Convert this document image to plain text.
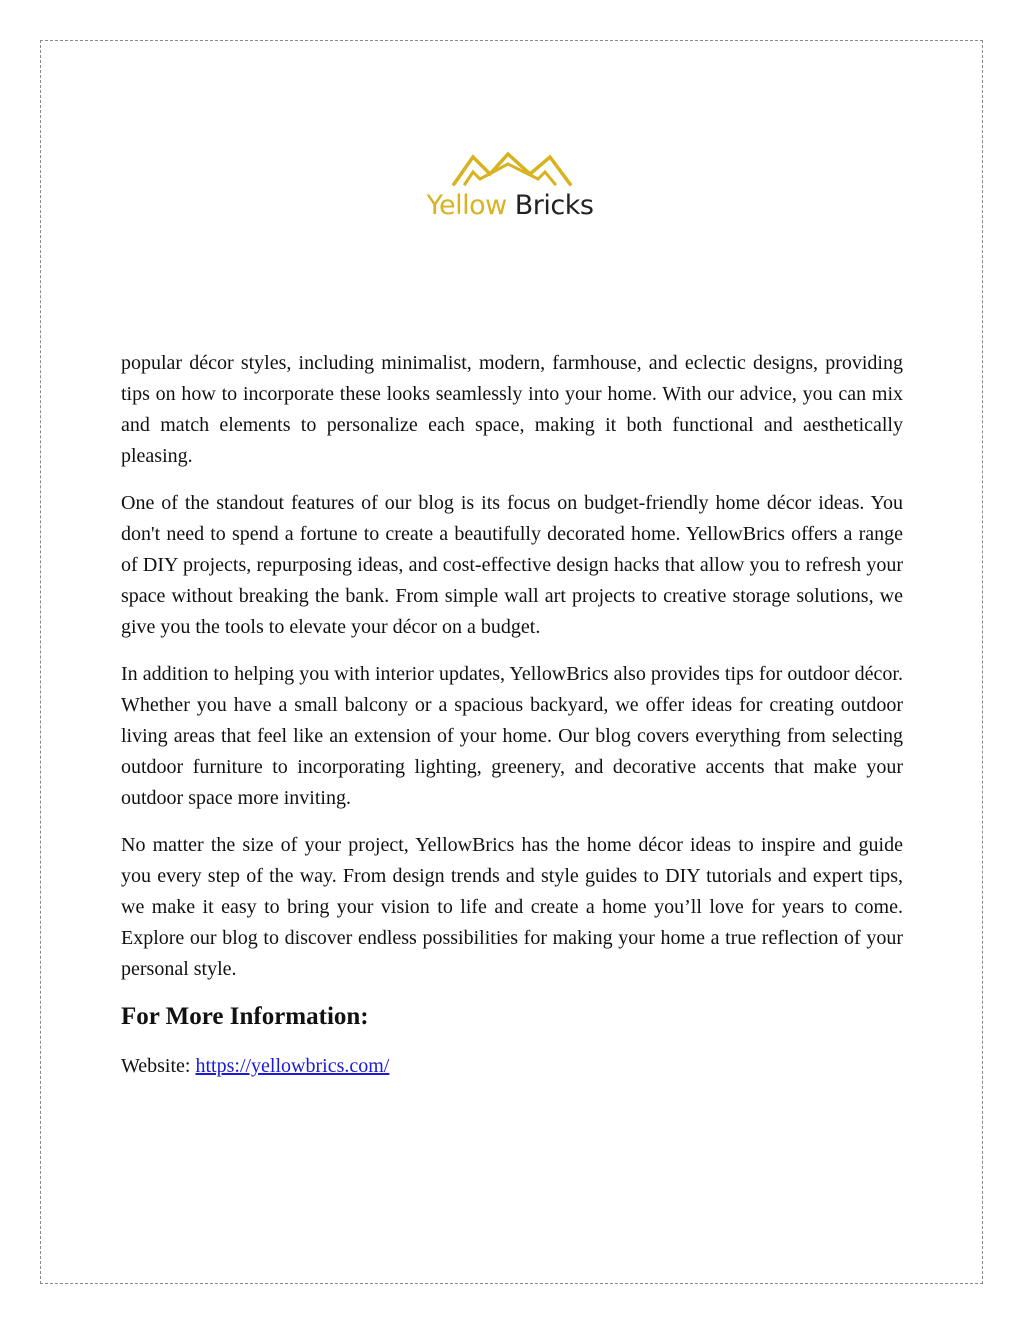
Yellow Bricks

popular décor styles, including minimalist, modern, farmhouse, and eclectic designs, providing tips on how to incorporate these looks seamlessly into your home. With our advice, you can mix and match elements to personalize each space, making it both functional and aesthetically pleasing.

One of the standout features of our blog is its focus on budget-friendly home décor ideas. You don't need to spend a fortune to create a beautifully decorated home. YellowBrics offers a range of DIY projects, repurposing ideas, and cost-effective design hacks that allow you to refresh your space without breaking the bank. From simple wall art projects to creative storage solutions, we give you the tools to elevate your décor on a budget.

In addition to helping you with interior updates, YellowBrics also provides tips for outdoor décor. Whether you have a small balcony or a spacious backyard, we offer ideas for creating outdoor living areas that feel like an extension of your home. Our blog covers everything from selecting outdoor furniture to incorporating lighting, greenery, and decorative accents that make your outdoor space more inviting.

No matter the size of your project, YellowBrics has the home décor ideas to inspire and guide you every step of the way. From design trends and style guides to DIY tutorials and expert tips, we make it easy to bring your vision to life and create a home you’ll love for years to come. Explore our blog to discover endless possibilities for making your home a true reflection of your personal style.

For More Information:

Website: https://yellowbrics.com/
